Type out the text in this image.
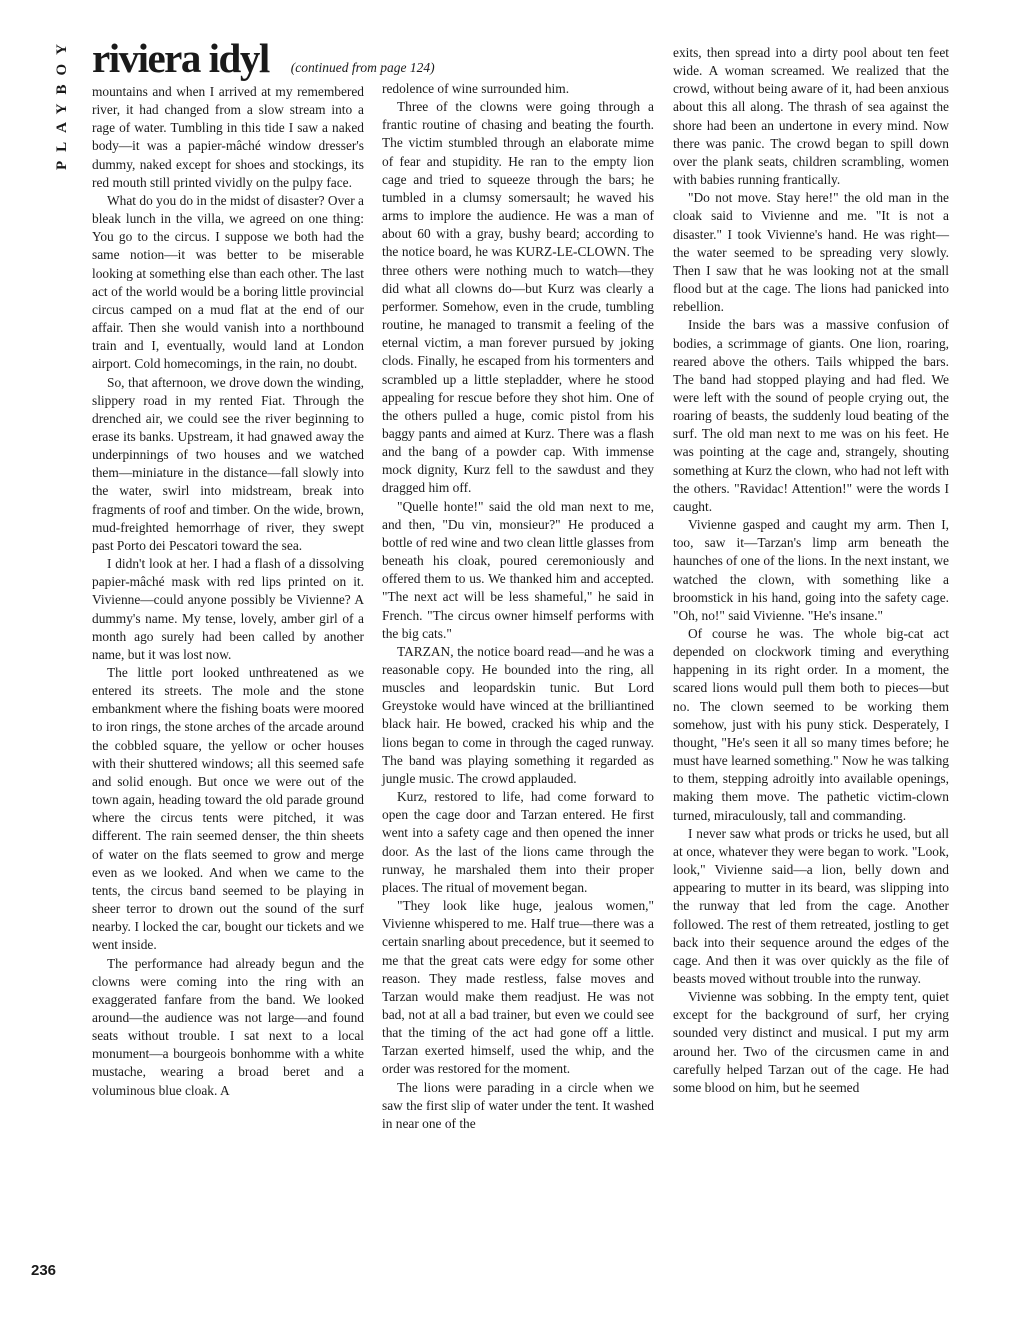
PLAYBOY
236
riviera idyl (continued from page 124)

mountains and when I arrived at my remembered river, it had changed from a slow stream into a rage of water. Tumbling in this tide I saw a naked body—it was a papier-mâché window dresser's dummy, naked except for shoes and stockings, its red mouth still printed vividly on the pulpy face.

What do you do in the midst of disaster? Over a bleak lunch in the villa, we agreed on one thing: You go to the circus. I suppose we both had the same notion—it was better to be miserable looking at something else than each other. The last act of the world would be a boring little provincial circus camped on a mud flat at the end of our affair. Then she would vanish into a northbound train and I, eventually, would land at London airport. Cold homecomings, in the rain, no doubt.

So, that afternoon, we drove down the winding, slippery road in my rented Fiat. Through the drenched air, we could see the river beginning to erase its banks. Upstream, it had gnawed away the underpinnings of two houses and we watched them—miniature in the distance—fall slowly into the water, swirl into midstream, break into fragments of roof and timber. On the wide, brown, mud-freighted hemorrhage of river, they swept past Porto dei Pescatori toward the sea.

I didn't look at her. I had a flash of a dissolving papier-mâché mask with red lips printed on it. Vivienne—could anyone possibly be Vivienne? A dummy's name. My tense, lovely, amber girl of a month ago surely had been called by another name, but it was lost now.

The little port looked unthreatened as we entered its streets. The mole and the stone embankment where the fishing boats were moored to iron rings, the stone arches of the arcade around the cobbled square, the yellow or ocher houses with their shuttered windows; all this seemed safe and solid enough. But once we were out of the town again, heading toward the old parade ground where the circus tents were pitched, it was different. The rain seemed denser, the thin sheets of water on the flats seemed to grow and merge even as we looked. And when we came to the tents, the circus band seemed to be playing in sheer terror to drown out the sound of the surf nearby. I locked the car, bought our tickets and we went inside.

The performance had already begun and the clowns were coming into the ring with an exaggerated fanfare from the band. We looked around—the audience was not large—and found seats without trouble. I sat next to a local monument—a bourgeois bonhomme with a white mustache, wearing a broad beret and a voluminous blue cloak. A

redolence of wine surrounded him.

Three of the clowns were going through a frantic routine of chasing and beating the fourth. The victim stumbled through an elaborate mime of fear and stupidity. He ran to the empty lion cage and tried to squeeze through the bars; he tumbled in a clumsy somersault; he waved his arms to implore the audience. He was a man of about 60 with a gray, bushy beard; according to the notice board, he was KURZ-LE-CLOWN. The three others were nothing much to watch—they did what all clowns do—but Kurz was clearly a performer. Somehow, even in the crude, tumbling routine, he managed to transmit a feeling of the eternal victim, a man forever pursued by joking clods. Finally, he escaped from his tormenters and scrambled up a little stepladder, where he stood appealing for rescue before they shot him. One of the others pulled a huge, comic pistol from his baggy pants and aimed at Kurz. There was a flash and the bang of a powder cap. With immense mock dignity, Kurz fell to the sawdust and they dragged him off.

"Quelle honte!" said the old man next to me, and then, "Du vin, monsieur?" He produced a bottle of red wine and two clean little glasses from beneath his cloak, poured ceremoniously and offered them to us. We thanked him and accepted. "The next act will be less shameful," he said in French. "The circus owner himself performs with the big cats."

TARZAN, the notice board read—and he was a reasonable copy. He bounded into the ring, all muscles and leopardskin tunic. But Lord Greystoke would have winced at the brilliantined black hair. He bowed, cracked his whip and the lions began to come in through the caged runway. The band was playing something it regarded as jungle music. The crowd applauded.

Kurz, restored to life, had come forward to open the cage door and Tarzan entered. He first went into a safety cage and then opened the inner door. As the last of the lions came through the runway, he marshaled them into their proper places. The ritual of movement began.

"They look like huge, jealous women," Vivienne whispered to me. Half true—there was a certain snarling about precedence, but it seemed to me that the great cats were edgy for some other reason. They made restless, false moves and Tarzan would make them readjust. He was not bad, not at all a bad trainer, but even we could see that the timing of the act had gone off a little. Tarzan exerted himself, used the whip, and the order was restored for the moment.

The lions were parading in a circle when we saw the first slip of water under the tent. It washed in near one of the

exits, then spread into a dirty pool about ten feet wide. A woman screamed. We realized that the crowd, without being aware of it, had been anxious about this all along. The thrash of sea against the shore had been an undertone in every mind. Now there was panic. The crowd began to spill down over the plank seats, children scrambling, women with babies running frantically.

"Do not move. Stay here!" the old man in the cloak said to Vivienne and me. "It is not a disaster." I took Vivienne's hand. He was right—the water seemed to be spreading very slowly. Then I saw that he was looking not at the small flood but at the cage. The lions had panicked into rebellion.

Inside the bars was a massive confusion of bodies, a scrimmage of giants. One lion, roaring, reared above the others. Tails whipped the bars. The band had stopped playing and had fled. We were left with the sound of people crying out, the roaring of beasts, the suddenly loud beating of the surf. The old man next to me was on his feet. He was pointing at the cage and, strangely, shouting something at Kurz the clown, who had not left with the others. "Ravidac! Attention!" were the words I caught.

Vivienne gasped and caught my arm. Then I, too, saw it—Tarzan's limp arm beneath the haunches of one of the lions. In the next instant, we watched the clown, with something like a broomstick in his hand, going into the safety cage. "Oh, no!" said Vivienne. "He's insane."

Of course he was. The whole big-cat act depended on clockwork timing and everything happening in its right order. In a moment, the scared lions would pull them both to pieces—but no. The clown seemed to be working them somehow, just with his puny stick. Desperately, I thought, "He's seen it all so many times before; he must have learned something." Now he was talking to them, stepping adroitly into available openings, making them move. The pathetic victim-clown turned, miraculously, tall and commanding.

I never saw what prods or tricks he used, but all at once, whatever they were began to work. "Look, look," Vivienne said—a lion, belly down and appearing to mutter in its beard, was slipping into the runway that led from the cage. Another followed. The rest of them retreated, jostling to get back into their sequence around the edges of the cage. And then it was over quickly as the file of beasts moved without trouble into the runway.

Vivienne was sobbing. In the empty tent, quiet except for the background of surf, her crying sounded very distinct and musical. I put my arm around her. Two of the circusmen came in and carefully helped Tarzan out of the cage. He had some blood on him, but he seemed
